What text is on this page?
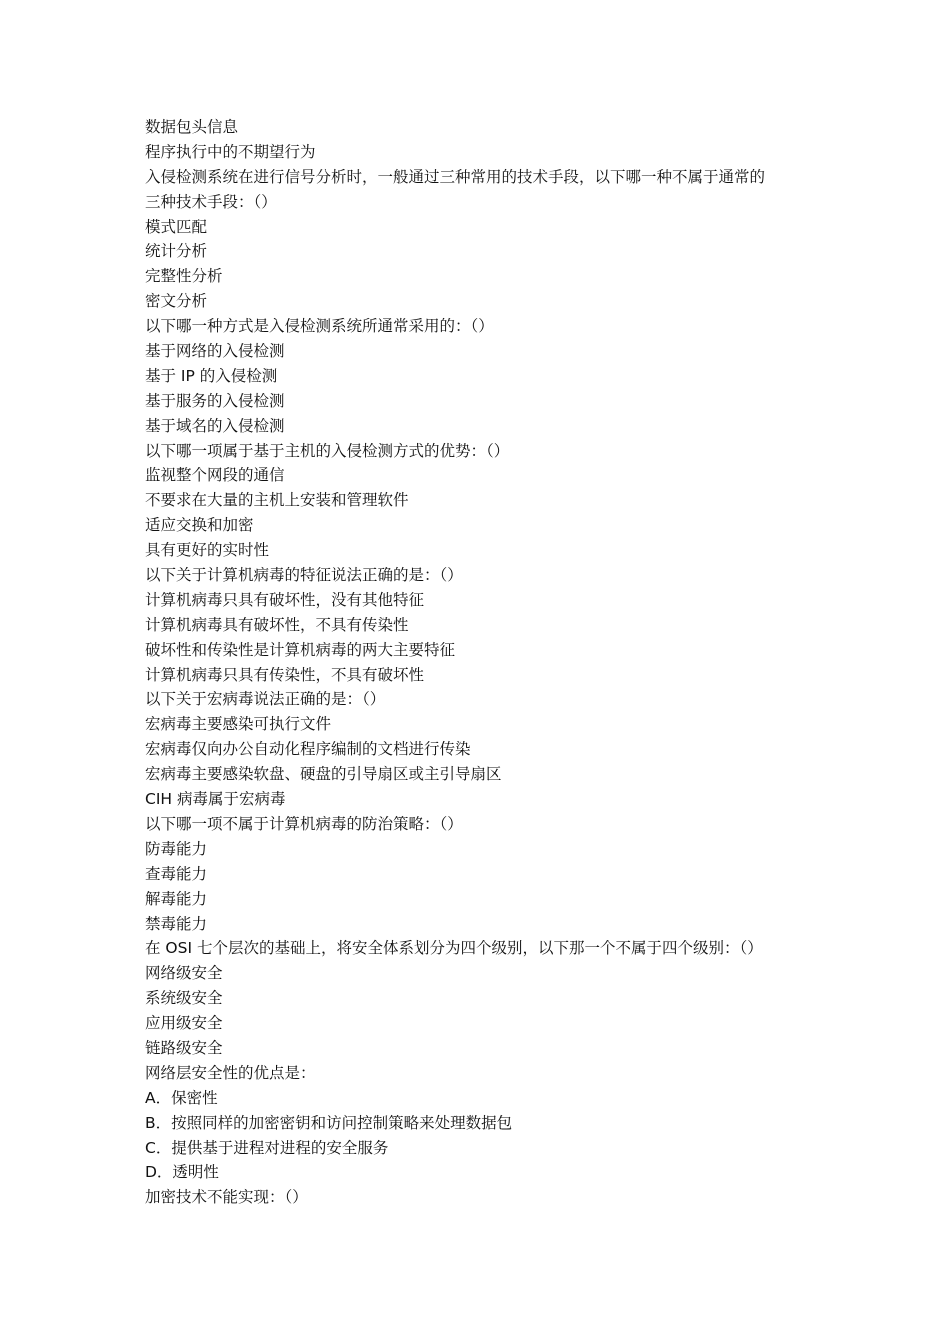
数据包头信息
程序执行中的不期望行为
入侵检测系统在进行信号分析时，一般通过三种常用的技术手段，以下哪一种不属于通常的
三种技术手段：（）
模式匹配
统计分析
完整性分析
密文分析
以下哪一种方式是入侵检测系统所通常采用的：（）
基于网络的入侵检测
基于 IP 的入侵检测
基于服务的入侵检测
基于域名的入侵检测
以下哪一项属于基于主机的入侵检测方式的优势：（）
监视整个网段的通信
不要求在大量的主机上安装和管理软件
适应交换和加密
具有更好的实时性
以下关于计算机病毒的特征说法正确的是：（）
计算机病毒只具有破坏性，没有其他特征
计算机病毒具有破坏性，不具有传染性
破坏性和传染性是计算机病毒的两大主要特征
计算机病毒只具有传染性，不具有破坏性
以下关于宏病毒说法正确的是：（）
宏病毒主要感染可执行文件
宏病毒仅向办公自动化程序编制的文档进行传染
宏病毒主要感染软盘、硬盘的引导扇区或主引导扇区
CIH 病毒属于宏病毒
以下哪一项不属于计算机病毒的防治策略：（）
防毒能力
查毒能力
解毒能力
禁毒能力
在 OSI 七个层次的基础上，将安全体系划分为四个级别，以下那一个不属于四个级别：（）
网络级安全
系统级安全
应用级安全
链路级安全
网络层安全性的优点是：
A．保密性
B．按照同样的加密密钥和访问控制策略来处理数据包
C．提供基于进程对进程的安全服务
D．透明性
加密技术不能实现：（）
